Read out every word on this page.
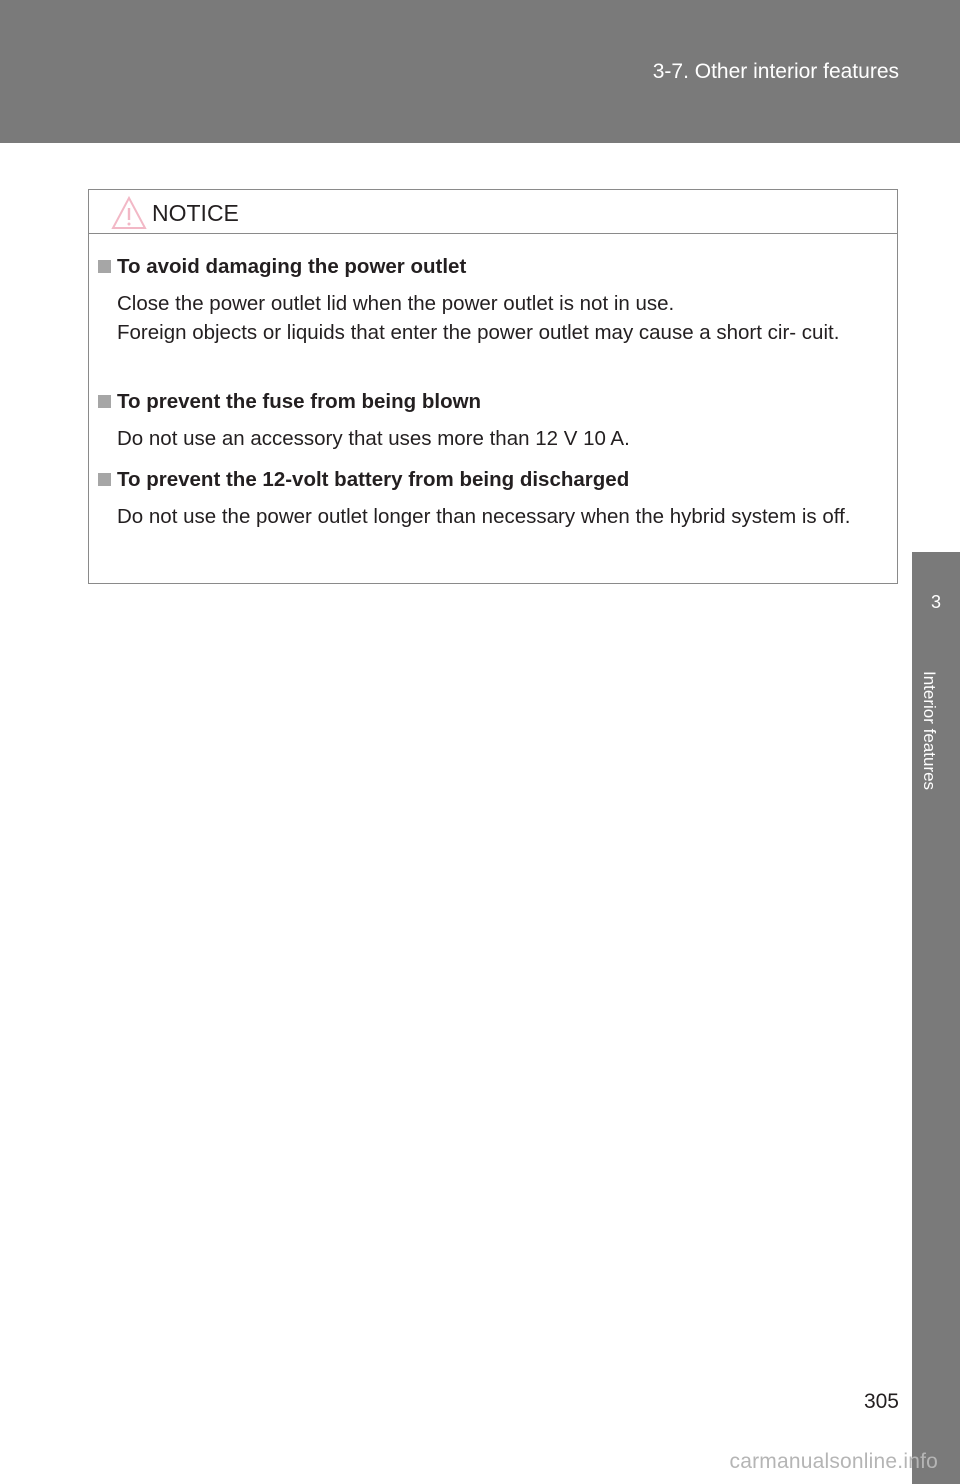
3-7. Other interior features
3
Interior features
NOTICE
To avoid damaging the power outlet

Close the power outlet lid when the power outlet is not in use.

Foreign objects or liquids that enter the power outlet may cause a short cir- cuit.

To prevent the fuse from being blown

Do not use an accessory that uses more than 12 V 10 A.

To prevent the 12-volt battery from being discharged

Do not use the power outlet longer than necessary when the hybrid system is off.

305
carmanualsonline.info
